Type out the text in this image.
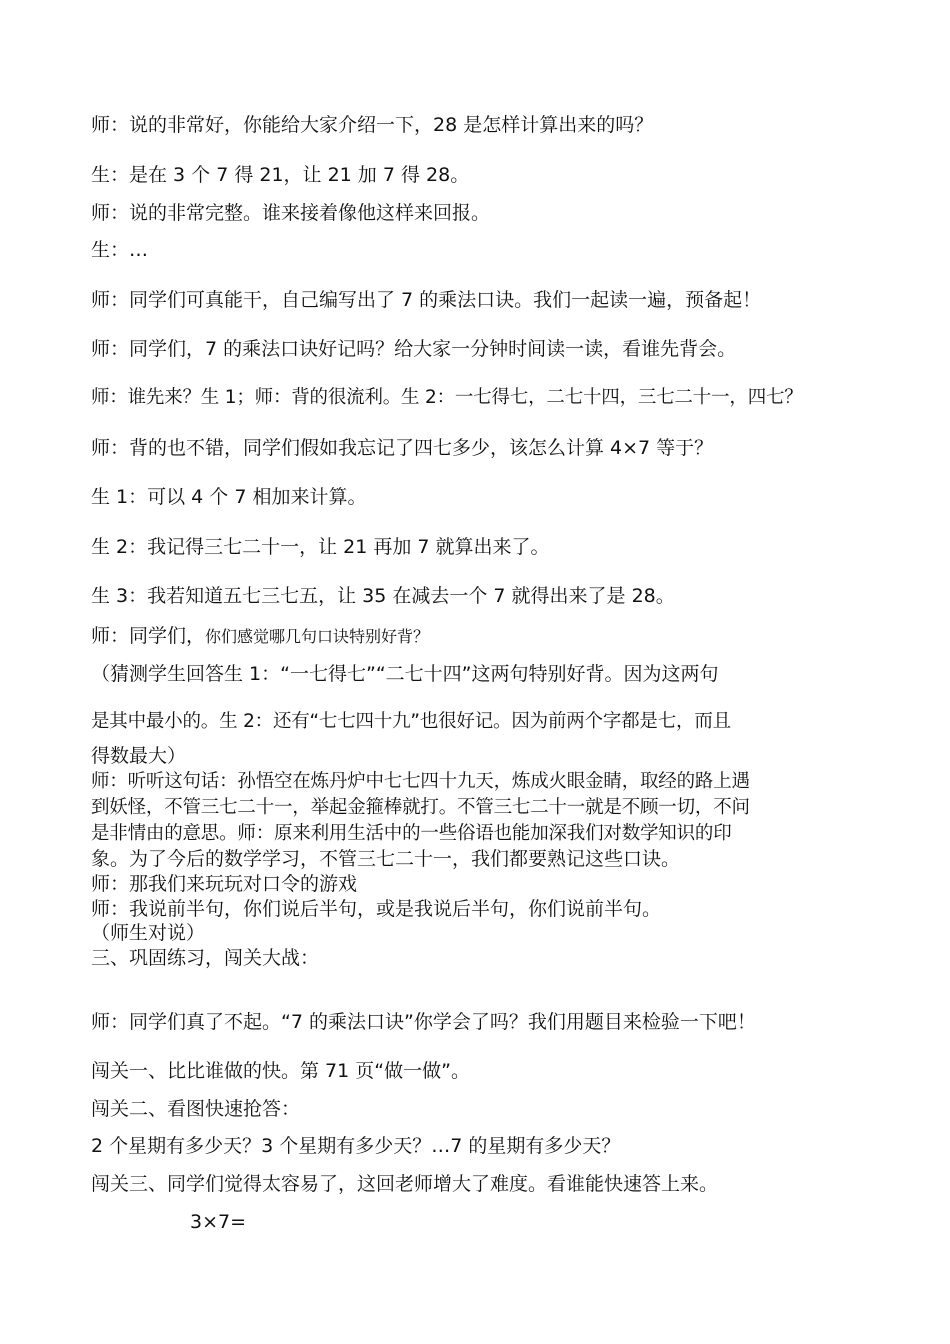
师：说的非常好，你能给大家介绍一下，28 是怎样计算出来的吗？
生：是在 3 个 7 得 21，让 21 加 7 得 28。
师：说的非常完整。谁来接着像他这样来回报。
生：…
师：同学们可真能干，自己编写出了 7 的乘法口诀。我们一起读一遍，预备起！
师：同学们，7 的乘法口诀好记吗？给大家一分钟时间读一读，看谁先背会。
师：谁先来？生 1；师：背的很流利。生 2：一七得七，二七十四，三七二十一，四七？
师：背的也不错，同学们假如我忘记了四七多少，该怎么计算 4×7 等于？
生 1：可以 4 个 7 相加来计算。
生 2：我记得三七二十一，让 21 再加 7 就算出来了。
生 3：我若知道五七三七五，让 35 在减去一个 7 就得出来了是 28。
师：同学们，你们感觉哪几句口诀特别好背？
（猜测学生回答生 1：“一七得七”“二七十四”这两句特别好背。因为这两句
是其中最小的。生 2：还有“七七四十九”也很好记。因为前两个字都是七，而且
得数最大）
师：听听这句话：孙悟空在炼丹炉中七七四十九天，炼成火眼金睛，取经的路上遇
到妖怪，不管三七二十一，举起金箍棒就打。不管三七二十一就是不顾一切，不问
是非情由的意思。师：原来利用生活中的一些俗语也能加深我们对数学知识的印
象。为了今后的数学学习，不管三七二十一，我们都要熟记这些口诀。
师：那我们来玩玩对口令的游戏
师：我说前半句，你们说后半句，或是我说后半句，你们说前半句。
（师生对说）
三、巩固练习，闯关大战：
师：同学们真了不起。“7 的乘法口诀”你学会了吗？我们用题目来检验一下吧！
闯关一、比比谁做的快。第 71 页“做一做”。
闯关二、看图快速抢答：
2 个星期有多少天？3 个星期有多少天？…7 的星期有多少天？
闯关三、同学们觉得太容易了，这回老师增大了难度。看谁能快速答上来。
3×7=
